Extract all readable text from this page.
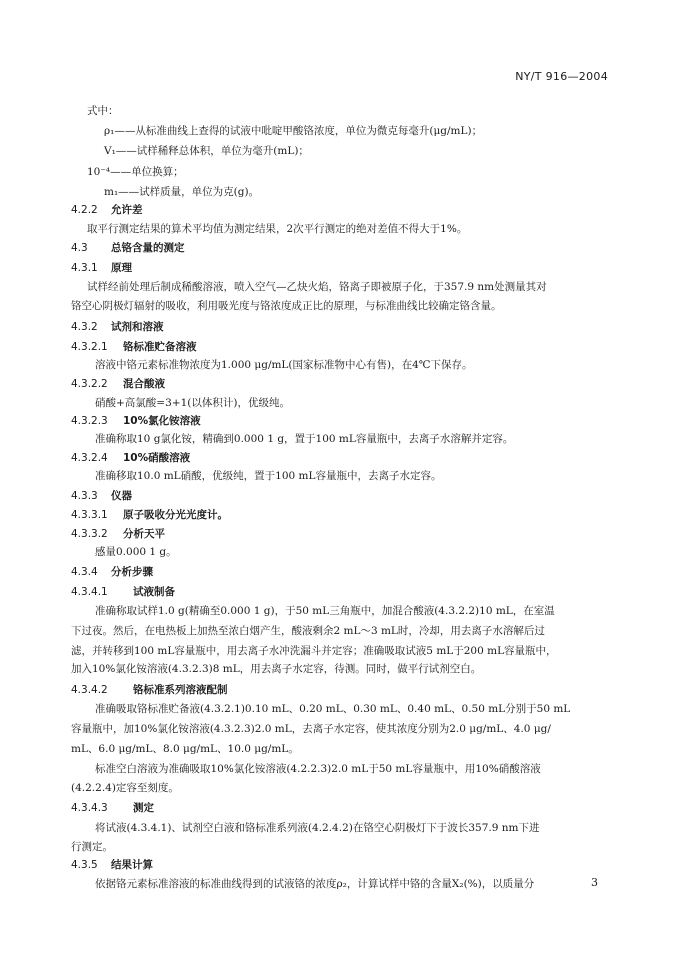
NY/T 916—2004
式中：
ρ₁——从标准曲线上查得的试液中吡啶甲酸铬浓度，单位为微克每毫升(μg/mL)；
V₁——试样稀释总体积，单位为毫升(mL)；
10⁻⁴——单位换算；
m₁——试样质量，单位为克(g)。
4.2.2 允许差
取平行测定结果的算术平均值为测定结果，2次平行测定的绝对差值不得大于1%。
4.3 总铬含量的测定
4.3.1 原理
试样经前处理后制成稀酸溶液，喷入空气—乙炔火焰，铬离子即被原子化，于357.9 nm处测量其对
铬空心阴极灯辐射的吸收，利用吸光度与铬浓度成正比的原理，与标准曲线比较确定铬含量。
4.3.2 试剂和溶液
4.3.2.1 铬标准贮备溶液
溶液中铬元素标准物浓度为1.000 μg/mL(国家标准物中心有售)，在4℃下保存。
4.3.2.2 混合酸液
硝酸+高氯酸=3+1(以体积计)，优级纯。
4.3.2.3 10%氯化铵溶液
准确称取10 g氯化铵，精确到0.000 1 g，置于100 mL容量瓶中，去离子水溶解并定容。
4.3.2.4 10%硝酸溶液
准确移取10.0 mL硝酸，优级纯，置于100 mL容量瓶中，去离子水定容。
4.3.3 仪器
4.3.3.1 原子吸收分光光度计。
4.3.3.2 分析天平
感量0.000 1 g。
4.3.4 分析步骤
4.3.4.1 试液制备
准确称取试样1.0 g(精确至0.000 1 g)，于50 mL三角瓶中，加混合酸液(4.3.2.2)10 mL，在室温
下过夜。然后，在电热板上加热至浓白烟产生，酸液剩余2 mL～3 mL时，冷却，用去离子水溶解后过
滤，并转移到100 mL容量瓶中，用去离子水冲洗漏斗并定容；准确吸取试液5 mL于200 mL容量瓶中，
加入10%氯化铵溶液(4.3.2.3)8 mL，用去离子水定容，待测。同时，做平行试剂空白。
4.3.4.2 铬标准系列溶液配制
准确吸取铬标准贮备液(4.3.2.1)0.10 mL、0.20 mL、0.30 mL、0.40 mL、0.50 mL分别于50 mL
容量瓶中，加10%氯化铵溶液(4.3.2.3)2.0 mL，去离子水定容，使其浓度分别为2.0 μg/mL、4.0 μg/
mL、6.0 μg/mL、8.0 μg/mL、10.0 μg/mL。
标准空白溶液为准确吸取10%氯化铵溶液(4.2.2.3)2.0 mL于50 mL容量瓶中，用10%硝酸溶液
(4.2.2.4)定容至刻度。
4.3.4.3 测定
将试液(4.3.4.1)、试剂空白液和铬标准系列液(4.2.4.2)在铬空心阴极灯下于波长357.9 nm下进
行测定。
4.3.5 结果计算
依据铬元素标准溶液的标准曲线得到的试液铬的浓度ρ₂，计算试样中铬的含量X₂(%)，以质量分	3
